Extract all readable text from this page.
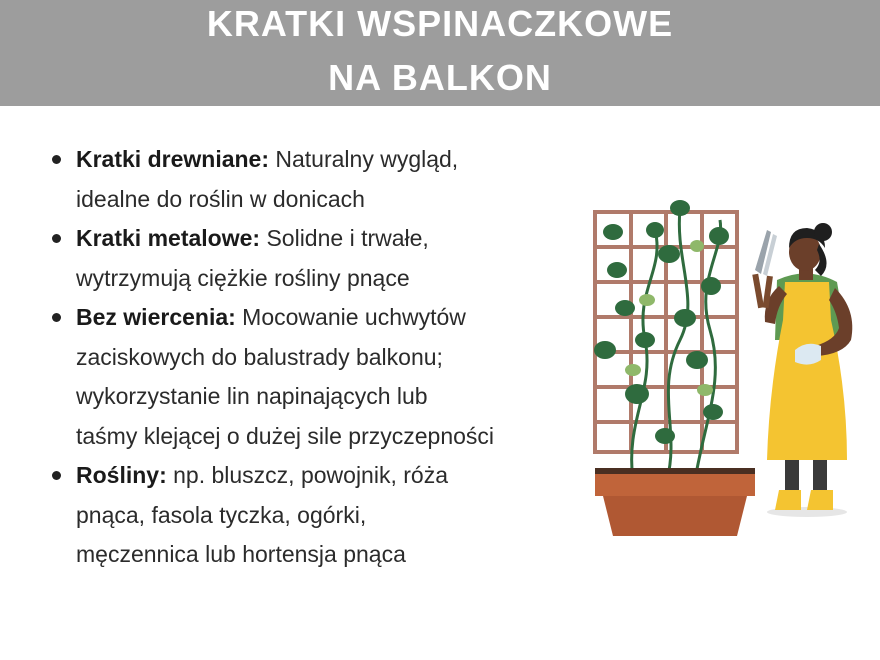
KRATKI WSPINACZKOWE
NA BALKON
Kratki drewniane: Naturalny wygląd,
idealne do roślin w donicach
Kratki metalowe: Solidne i trwałe,
wytrzymują ciężkie rośliny pnące
Bez wiercenia: Mocowanie uchwytów
zaciskowych do balustrady balkonu;
wykorzystanie lin napinających lub
taśmy klejącej o dużej sile przyczepności
Rośliny: np. bluszcz, powojnik, róża
pnąca, fasola tyczka, ogórki,
męczennica lub hortensja pnąca
